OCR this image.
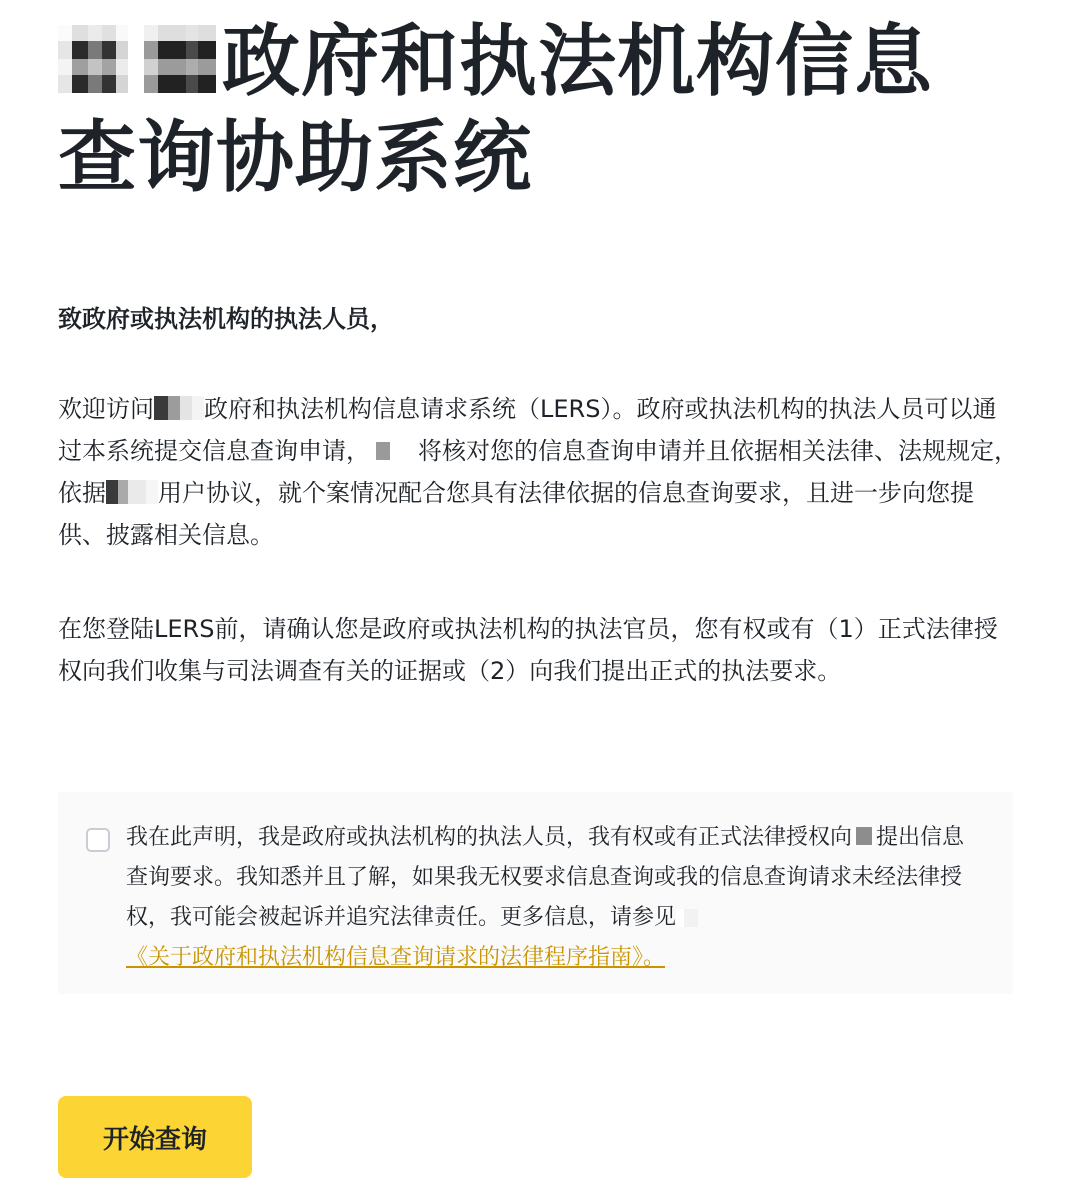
政府和执法机构信息
查询协助系统

致政府或执法机构的执法人员，

欢迎访问 政府和执法机构信息请求系统（LERS）。政府或执法机构的执法人员可以通过本系统提交信息查询申请， 将核对您的信息查询申请并且依据相关法律、法规规定，依据 用户协议，就个案情况配合您具有法律依据的信息查询要求，且进一步向您提供、披露相关信息。

在您登陆LERS前，请确认您是政府或执法机构的执法官员，您有权或有（1）正式法律授权向我们收集与司法调查有关的证据或（2）向我们提出正式的执法要求。

我在此声明，我是政府或执法机构的执法人员，我有权或有正式法律授权向 提出信息查询要求。我知悉并且了解，如果我无权要求信息查询或我的信息查询请求未经法律授权，我可能会被起诉并追究法律责任。更多信息，请参见
《关于政府和执法机构信息查询请求的法律程序指南》。

开始查询
